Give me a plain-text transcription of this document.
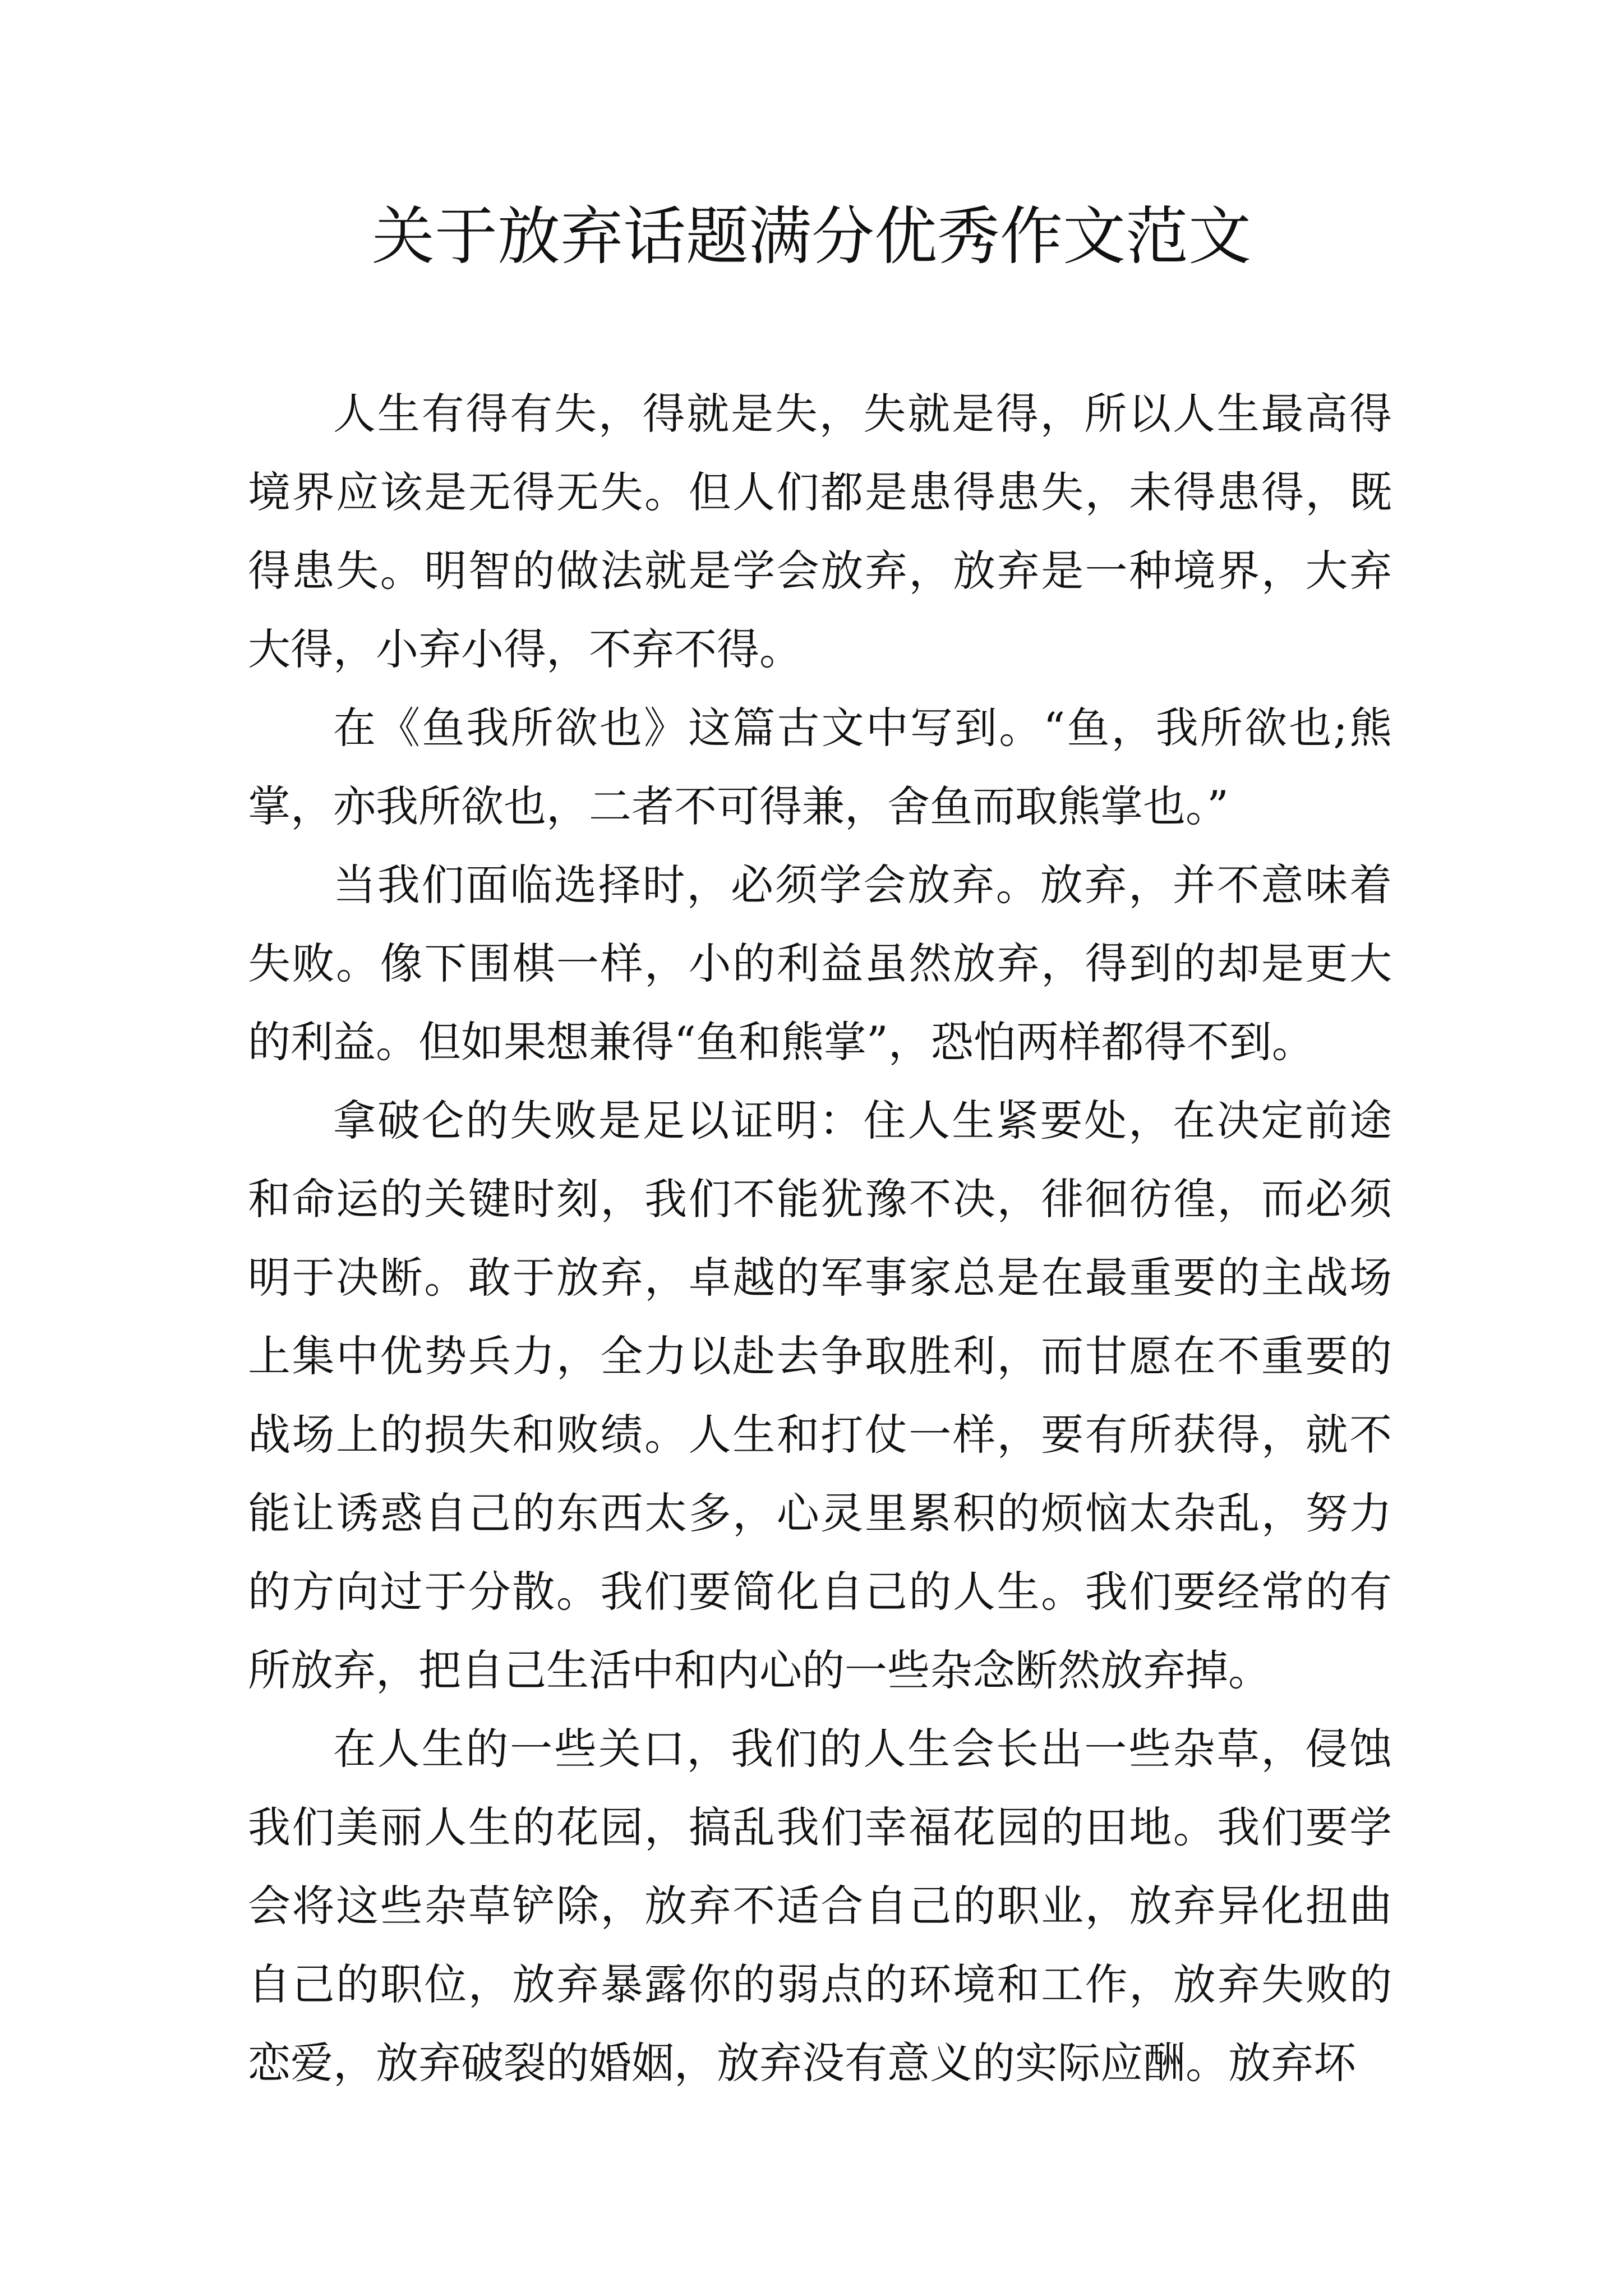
关于放弃话题满分优秀作文范文

人生有得有失，得就是失，失就是得，所以人生最高得境界应该是无得无失。但人们都是患得患失，未得患得，既得患失。明智的做法就是学会放弃，放弃是一种境界，大弃大得，小弃小得，不弃不得。

在《鱼我所欲也》这篇古文中写到。“鱼，我所欲也;熊掌，亦我所欲也，二者不可得兼，舍鱼而取熊掌也。”

当我们面临选择时，必须学会放弃。放弃，并不意味着失败。像下围棋一样，小的利益虽然放弃，得到的却是更大的利益。但如果想兼得“鱼和熊掌”，恐怕两样都得不到。

拿破仑的失败是足以证明：住人生紧要处，在决定前途和命运的关键时刻，我们不能犹豫不决，徘徊彷徨，而必须明于决断。敢于放弃，卓越的军事家总是在最重要的主战场上集中优势兵力，全力以赴去争取胜利，而甘愿在不重要的战场上的损失和败绩。人生和打仗一样，要有所获得，就不能让诱惑自己的东西太多，心灵里累积的烦恼太杂乱，努力的方向过于分散。我们要简化自己的人生。我们要经常的有所放弃，把自己生活中和内心的一些杂念断然放弃掉。

在人生的一些关口，我们的人生会长出一些杂草，侵蚀我们美丽人生的花园，搞乱我们幸福花园的田地。我们要学会将这些杂草铲除，放弃不适合自己的职业，放弃异化扭曲自己的职位，放弃暴露你的弱点的环境和工作，放弃失败的恋爱，放弃破裂的婚姻，放弃没有意义的实际应酬。放弃坏
